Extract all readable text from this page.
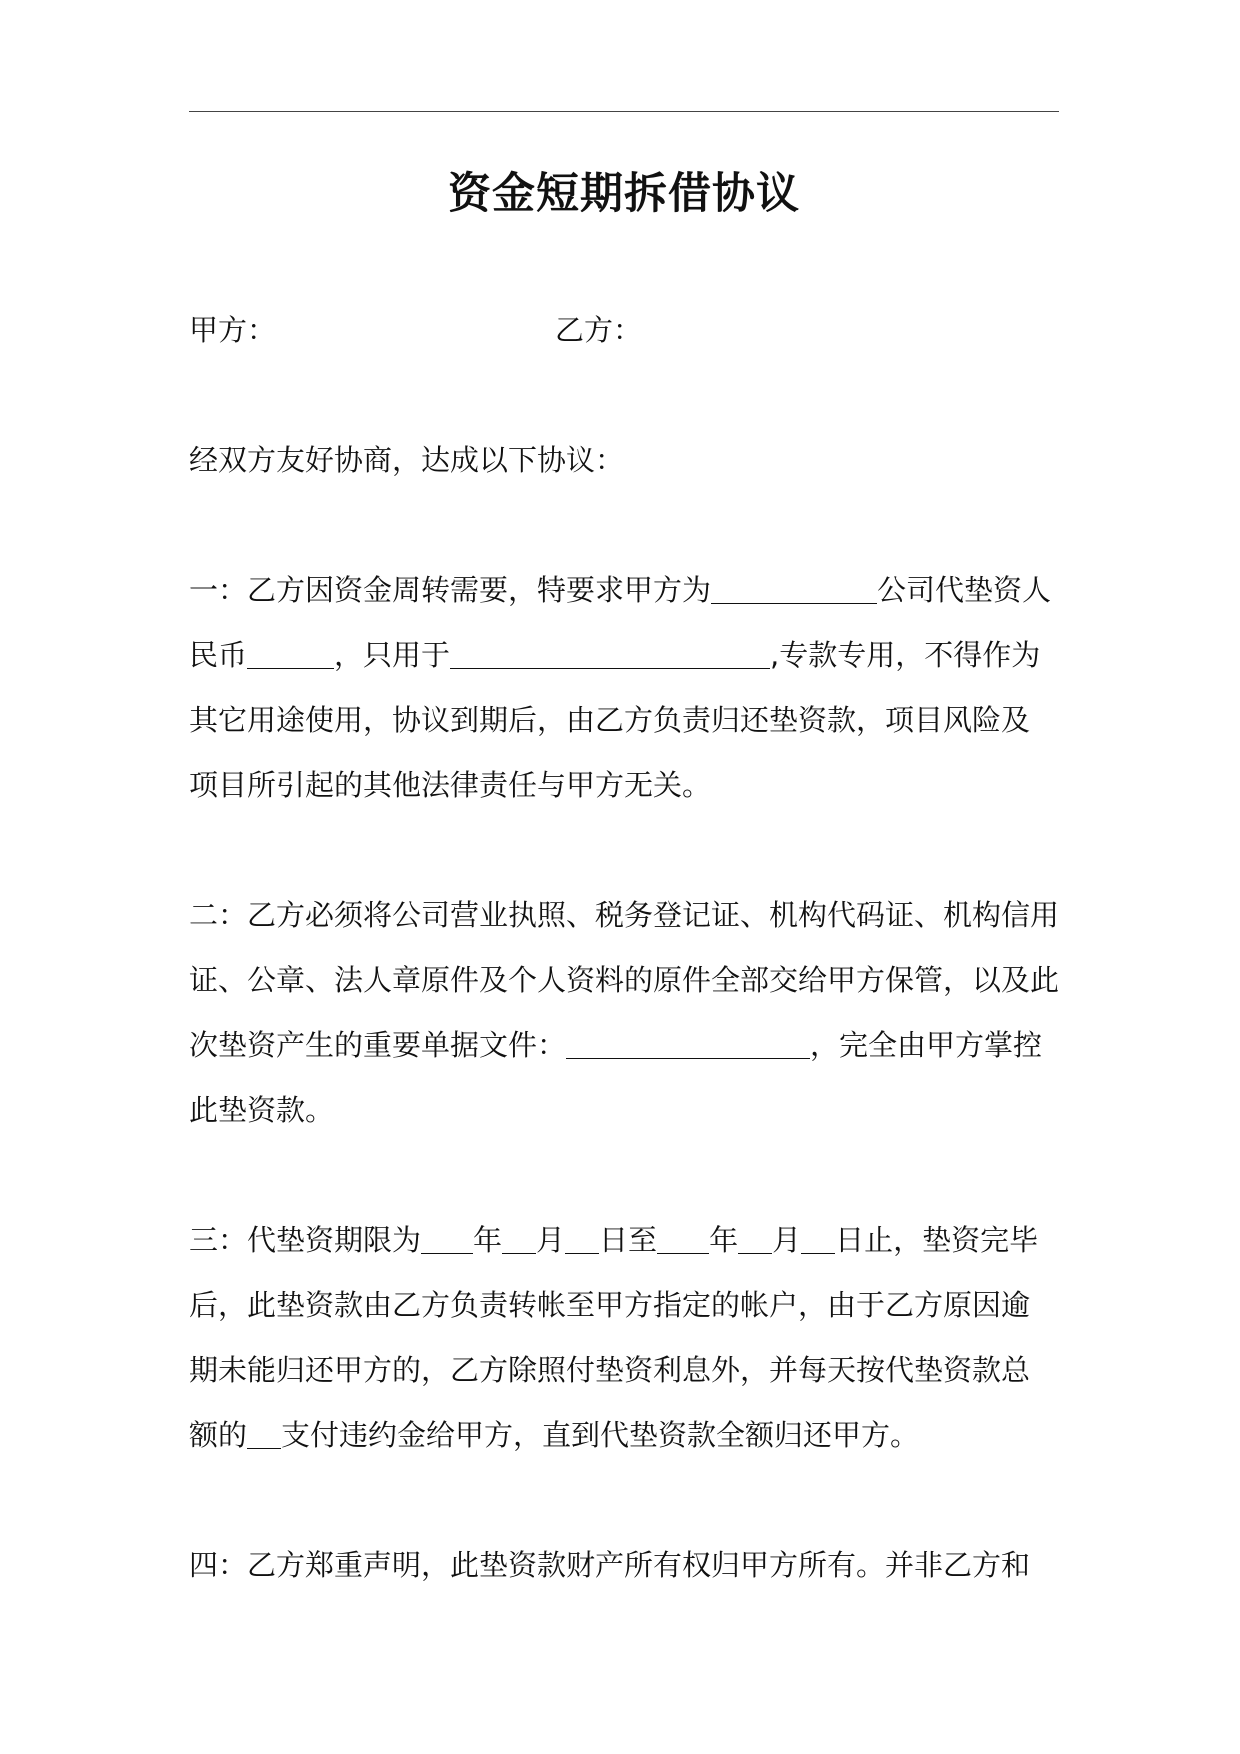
资金短期拆借协议
甲方：	乙方：
经双方友好协商，达成以下协议：
一：乙方因资金周转需要，特要求甲方为	公司代垫资人
民币	，只用于	,专款专用，不得作为
其它用途使用，协议到期后，由乙方负责归还垫资款，项目风险及
项目所引起的其他法律责任与甲方无关。
二：乙方必须将公司营业执照、税务登记证、机构代码证、机构信用
证、公章、法人章原件及个人资料的原件全部交给甲方保管，以及此
次垫资产生的重要单据文件：	，完全由甲方掌控
此垫资款。
三：代垫资期限为 年 月 日至 年 月 日止，垫资完毕
后，此垫资款由乙方负责转帐至甲方指定的帐户，由于乙方原因逾
期未能归还甲方的，乙方除照付垫资利息外，并每天按代垫资款总
额的 支付违约金给甲方，直到代垫资款全额归还甲方。
四：乙方郑重声明，此垫资款财产所有权归甲方所有。并非乙方和
